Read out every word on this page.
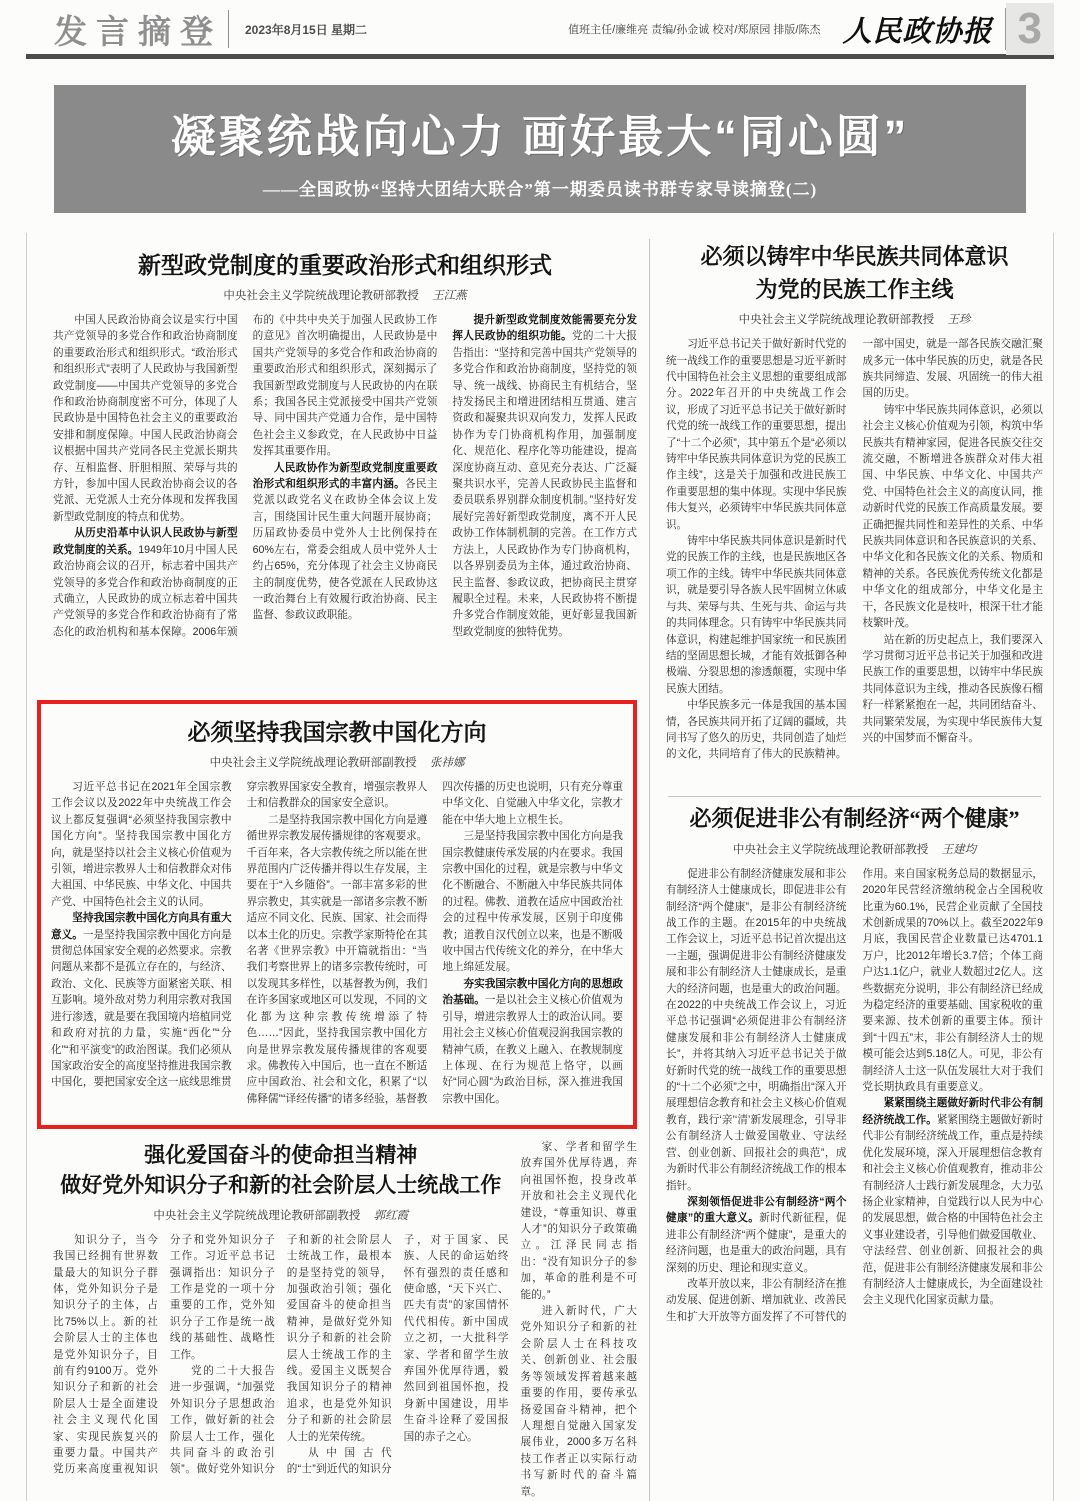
发言摘登 2023年8月15日 星期二	值班主任/廉维亮 责编/孙金诚 校对/郑原园 排版/陈杰 人民政协报 3
凝聚统战向心力 画好最大“同心圆”
——全国政协“坚持大团结大联合”第一期委员读书群专家导读摘登(二)
新型政党制度的重要政治形式和组织形式
中央社会主义学院统战理论教研部教授 王江燕

中国人民政治协商会议是实行中国共产党领导的多党合作和政治协商制度的重要政治形式和组织形式。“政治形式和组织形式”表明了人民政协与我国新型政党制度——中国共产党领导的多党合作和政治协商制度密不可分，体现了人民政协是中国特色社会主义的重要政治安排和制度保障。中国人民政治协商会议根据中国共产党同各民主党派长期共存、互相监督、肝胆相照、荣辱与共的方针，参加中国人民政治协商会议的各党派、无党派人士充分体现和发挥我国新型政党制度的特点和优势。

从历史沿革中认识人民政协与新型政党制度的关系。1949年10月中国人民政治协商会议的召开，标志着中国共产党领导的多党合作和政治协商制度的正式确立，人民政协的成立标志着中国共产党领导的多党合作和政治协商有了常态化的政治机构和基本保障。2006年颁布的《中共中央关于加强人民政协工作的意见》首次明确提出，人民政协是中国共产党领导的多党合作和政治协商的重要政治形式和组织形式，深刻揭示了我国新型政党制度与人民政协的内在联系；我国各民主党派接受中国共产党领导、同中国共产党通力合作，是中国特色社会主义参政党，在人民政协中日益发挥其重要作用。

人民政协作为新型政党制度重要政治形式和组织形式的丰富内涵。各民主党派以政党名义在政协全体会议上发言，围绕国计民生重大问题开展协商；历届政协委员中党外人士比例保持在60%左右，常委会组成人员中党外人士约占65%，充分体现了社会主义协商民主的制度优势，使各党派在人民政协这一政治舞台上有效履行政治协商、民主监督、参政议政职能。

提升新型政党制度效能需要充分发挥人民政协的组织功能。党的二十大报告指出：“坚持和完善中国共产党领导的多党合作和政治协商制度，坚持党的领导、统一战线、协商民主有机结合，坚持发扬民主和增进团结相互贯通、建言资政和凝聚共识双向发力，发挥人民政协作为专门协商机构作用，加强制度化、规范化、程序化等功能建设，提高深度协商互动、意见充分表达、广泛凝聚共识水平，完善人民政协民主监督和委员联系界别群众制度机制。”坚持好发展好完善好新型政党制度，离不开人民政协工作体制机制的完善。在工作方式方法上，人民政协作为专门协商机构，以各界别委员为主体，通过政治协商、民主监督、参政议政，把协商民主贯穿履职全过程。未来，人民政协将不断提升多党合作制度效能，更好彰显我国新型政党制度的独特优势。

必须坚持我国宗教中国化方向
中央社会主义学院统战理论教研部副教授 张祎娜

习近平总书记在2021年全国宗教工作会议以及2022年中央统战工作会议上都反复强调“必须坚持我国宗教中国化方向”。坚持我国宗教中国化方向，就是坚持以社会主义核心价值观为引领，增进宗教界人士和信教群众对伟大祖国、中华民族、中华文化、中国共产党、中国特色社会主义的认同。

坚持我国宗教中国化方向具有重大意义。一是坚持我国宗教中国化方向是贯彻总体国家安全观的必然要求。宗教问题从来都不是孤立存在的，与经济、政治、文化、民族等方面紧密关联、相互影响。境外敌对势力利用宗教对我国进行渗透，就是要在我国境内培植同党和政府对抗的力量，实施“西化”“分化”“和平演变”的政治图谋。我们必须从国家政治安全的高度坚持推进我国宗教中国化，要把国家安全这一底线思维贯穿宗教界国家安全教育，增强宗教界人士和信教群众的国家安全意识。

二是坚持我国宗教中国化方向是遵循世界宗教发展传播规律的客观要求。千百年来，各大宗教传统之所以能在世界范围内广泛传播并得以生存发展，主要在于“入乡随俗”。一部丰富多彩的世界宗教史，其实就是一部诸多宗教不断适应不同文化、民族、国家、社会而得以本土化的历史。宗教学家斯特伦在其名著《世界宗教》中开篇就指出：“当我们考察世界上的诸多宗教传统时，可以发现其多样性，以基督教为例，我们在许多国家或地区可以发现，不同的文化都为这种宗教传统增添了特色……”因此，坚持我国宗教中国化方向是世界宗教发展传播规律的客观要求。佛教传入中国后，也一直在不断适应中国政治、社会和文化，积累了“以佛释儒”“译经传播”的诸多经验，基督教四次传播的历史也说明，只有充分尊重中华文化、自觉融入中华文化，宗教才能在中华大地上立根生长。

三是坚持我国宗教中国化方向是我国宗教健康传承发展的内在要求。我国宗教中国化的过程，就是宗教与中华文化不断融合、不断融入中华民族共同体的过程。佛教、道教在适应中国政治社会的过程中传承发展，区别于印度佛教；道教自汉代创立以来，也是不断吸收中国古代传统文化的养分，在中华大地上绵延发展。

夯实我国宗教中国化方向的思想政治基础。一是以社会主义核心价值观为引导，增进宗教界人士的政治认同。要用社会主义核心价值观浸润我国宗教的精神气质，在教义上融入、在教规制度上体现、在行为规范上恪守，以画好“同心圆”为政治目标，深入推进我国宗教中国化。

强化爱国奋斗的使命担当精神
做好党外知识分子和新的社会阶层人士统战工作
中央社会主义学院统战理论教研部副教授 郭红霞

知识分子，当今我国已经拥有世界数量最大的知识分子群体，党外知识分子是知识分子的主体，占比75%以上。新的社会阶层人士的主体也是党外知识分子，目前有约9100万。党外知识分子和新的社会阶层人士是全面建设社会主义现代化国家、实现民族复兴的重要力量。中国共产党历来高度重视知识分子和党外知识分子工作。习近平总书记强调指出：知识分子工作是党的一项十分重要的工作，党外知识分子工作是统一战线的基础性、战略性工作。

党的二十大报告进一步强调，“加强党外知识分子思想政治工作，做好新的社会阶层人士工作，强化共同奋斗的政治引领”。做好党外知识分子和新的社会阶层人士统战工作，最根本的是坚持党的领导，加强政治引领；强化爱国奋斗的使命担当精神，是做好党外知识分子和新的社会阶层人士统战工作的主线。爱国主义既契合我国知识分子的精神追求，也是党外知识分子和新的社会阶层人士的光荣传统。

从中国古代的“士”到近代的知识分子，对于国家、民族、人民的命运始终怀有强烈的责任感和使命感，“天下兴亡、匹夫有责”的家国情怀代代相传。新中国成立之初，一大批科学家、学者和留学生放弃国外优厚待遇，毅然回到祖国怀抱，投身新中国建设，用毕生奋斗诠释了爱国报国的赤子之心。

家、学者和留学生放弃国外优厚待遇，奔向祖国怀抱，投身改革开放和社会主义现代化建设，“尊重知识、尊重人才”的知识分子政策确立。江泽民同志指出：“没有知识分子的参加，革命的胜利是不可能的。”

进入新时代，广大党外知识分子和新的社会阶层人士在科技攻关、创新创业、社会服务等领域发挥着越来越重要的作用，要传承弘扬爱国奋斗精神，把个人理想自觉融入国家发展伟业，2000多万名科技工作者正以实际行动书写新时代的奋斗篇章。

必须以铸牢中华民族共同体意识
为党的民族工作主线
中央社会主义学院统战理论教研部教授 王珍

习近平总书记关于做好新时代党的统一战线工作的重要思想是习近平新时代中国特色社会主义思想的重要组成部分。2022年召开的中央统战工作会议，形成了习近平总书记关于做好新时代党的统一战线工作的重要思想，提出了“十二个必须”，其中第五个是“必须以铸牢中华民族共同体意识为党的民族工作主线”，这是关于加强和改进民族工作重要思想的集中体现。实现中华民族伟大复兴，必须铸牢中华民族共同体意识。

铸牢中华民族共同体意识是新时代党的民族工作的主线，也是民族地区各项工作的主线。铸牢中华民族共同体意识，就是要引导各族人民牢固树立休戚与共、荣辱与共、生死与共、命运与共的共同体理念。只有铸牢中华民族共同体意识，构建起维护国家统一和民族团结的坚固思想长城，才能有效抵御各种极端、分裂思想的渗透颠覆，实现中华民族大团结。

中华民族多元一体是我国的基本国情，各民族共同开拓了辽阔的疆域，共同书写了悠久的历史，共同创造了灿烂的文化，共同培育了伟大的民族精神。一部中国史，就是一部各民族交融汇聚成多元一体中华民族的历史，就是各民族共同缔造、发展、巩固统一的伟大祖国的历史。

铸牢中华民族共同体意识，必须以社会主义核心价值观为引领，构筑中华民族共有精神家园，促进各民族交往交流交融，不断增进各族群众对伟大祖国、中华民族、中华文化、中国共产党、中国特色社会主义的高度认同，推动新时代党的民族工作高质量发展。要正确把握共同性和差异性的关系、中华民族共同体意识和各民族意识的关系、中华文化和各民族文化的关系、物质和精神的关系。各民族优秀传统文化都是中华文化的组成部分，中华文化是主干，各民族文化是枝叶，根深干壮才能枝繁叶茂。

站在新的历史起点上，我们要深入学习贯彻习近平总书记关于加强和改进民族工作的重要思想，以铸牢中华民族共同体意识为主线，推动各民族像石榴籽一样紧紧抱在一起，共同团结奋斗、共同繁荣发展，为实现中华民族伟大复兴的中国梦而不懈奋斗。

必须促进非公有制经济“两个健康”
中央社会主义学院统战理论教研部教授 王建均

促进非公有制经济健康发展和非公有制经济人士健康成长，即促进非公有制经济“两个健康”，是非公有制经济统战工作的主题。在2015年的中央统战工作会议上，习近平总书记首次提出这一主题，强调促进非公有制经济健康发展和非公有制经济人士健康成长，是重大的经济问题，也是重大的政治问题。在2022的中央统战工作会议上，习近平总书记强调“必须促进非公有制经济健康发展和非公有制经济人士健康成长”，并将其纳入习近平总书记关于做好新时代党的统一战线工作的重要思想的“十二个必须”之中，明确指出“深入开展理想信念教育和社会主义核心价值观教育，践行‘亲’‘清’新发展理念，引导非公有制经济人士做爱国敬业、守法经营、创业创新、回报社会的典范”，成为新时代非公有制经济统战工作的根本指针。

深刻领悟促进非公有制经济“两个健康”的重大意义。新时代新征程，促进非公有制经济“两个健康”，是重大的经济问题，也是重大的政治问题，具有深刻的历史、理论和现实意义。

改革开放以来，非公有制经济在推动发展、促进创新、增加就业、改善民生和扩大开放等方面发挥了不可替代的作用。来自国家税务总局的数据显示，2020年民营经济缴纳税金占全国税收比重为60.1%，民营企业贡献了全国技术创新成果的70%以上。截至2022年9月底，我国民营企业数量已达4701.1万户，比2012年增长3.7倍；个体工商户达1.1亿户，就业人数超过2亿人。这些数据充分说明，非公有制经济已经成为稳定经济的重要基础、国家税收的重要来源、技术创新的重要主体。预计到“十四五”末，非公有制经济人士的规模可能会达到5.18亿人。可见，非公有制经济人士这一队伍发展壮大对于我们党长期执政具有重要意义。

紧紧围绕主题做好新时代非公有制经济统战工作。紧紧围绕主题做好新时代非公有制经济统战工作，重点是持续优化发展环境，深入开展理想信念教育和社会主义核心价值观教育，推动非公有制经济人士践行新发展理念，大力弘扬企业家精神，自觉践行以人民为中心的发展思想，做合格的中国特色社会主义事业建设者，引导他们做爱国敬业、守法经营、创业创新、回报社会的典范，促进非公有制经济健康发展和非公有制经济人士健康成长，为全面建设社会主义现代化国家贡献力量。
